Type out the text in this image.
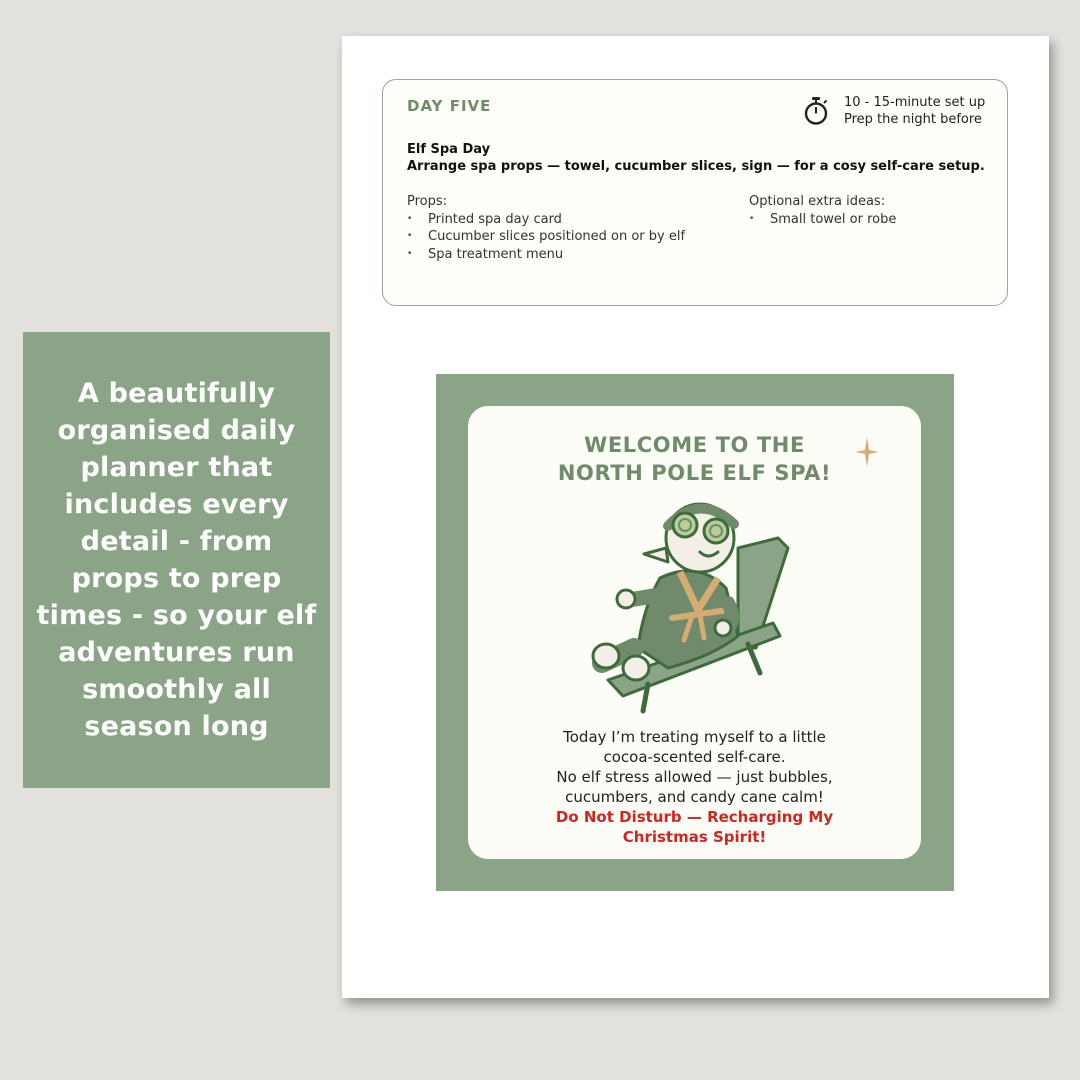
A beautifully
organised daily
planner that
includes every
detail - from
props to prep
times - so your elf
adventures run
smoothly all
season long
DAY FIVE	10 - 15-minute set up
Prep the night before
Elf Spa Day
Arrange spa props — towel, cucumber slices, sign — for a cosy self-care setup.
Props:
• Printed spa day card
• Cucumber slices positioned on or by elf
• Spa treatment menu
Optional extra ideas:
• Small towel or robe
WELCOME TO THE
NORTH POLE ELF SPA!
Today I’m treating myself to a little
cocoa-scented self-care.
No elf stress allowed — just bubbles,
cucumbers, and candy cane calm!
Do Not Disturb — Recharging My
Christmas Spirit!
